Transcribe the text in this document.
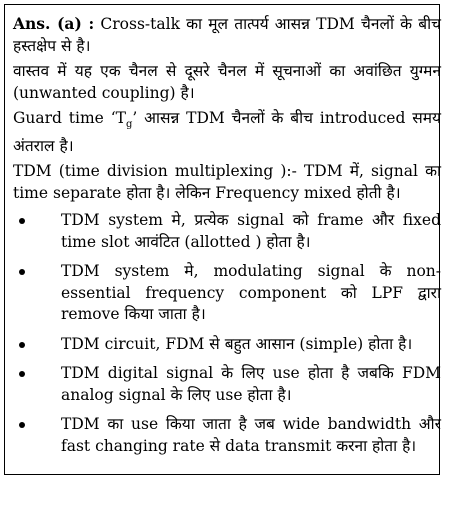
Ans. (a) : Cross-talk का मूल तात्पर्य आसन्न TDM चैनलों के बीच हस्तक्षेप से है।

वास्तव में यह एक चैनल से दूसरे चैनल में सूचनाओं का अवांछित युग्मन (unwanted coupling) है।

Guard time ‘$T_g$’ आसन्न TDM चैनलों के बीच introduced समय अंतराल है।

TDM (time division multiplexing ):- TDM में, signal का time separate होता है। लेकिन Frequency mixed होती है।

TDM system मे, प्रत्येक signal को frame और fixed time slot आवंटित (allotted ) होता है।
TDM system मे, modulating signal के non-essential frequency component को LPF द्वारा remove किया जाता है।
TDM circuit, FDM से बहुत आसान (simple) होता है।
TDM digital signal के लिए use होता है जबकि FDM analog signal के लिए use होता है।
TDM का use किया जाता है जब wide bandwidth और fast changing rate से data transmit करना होता है।
